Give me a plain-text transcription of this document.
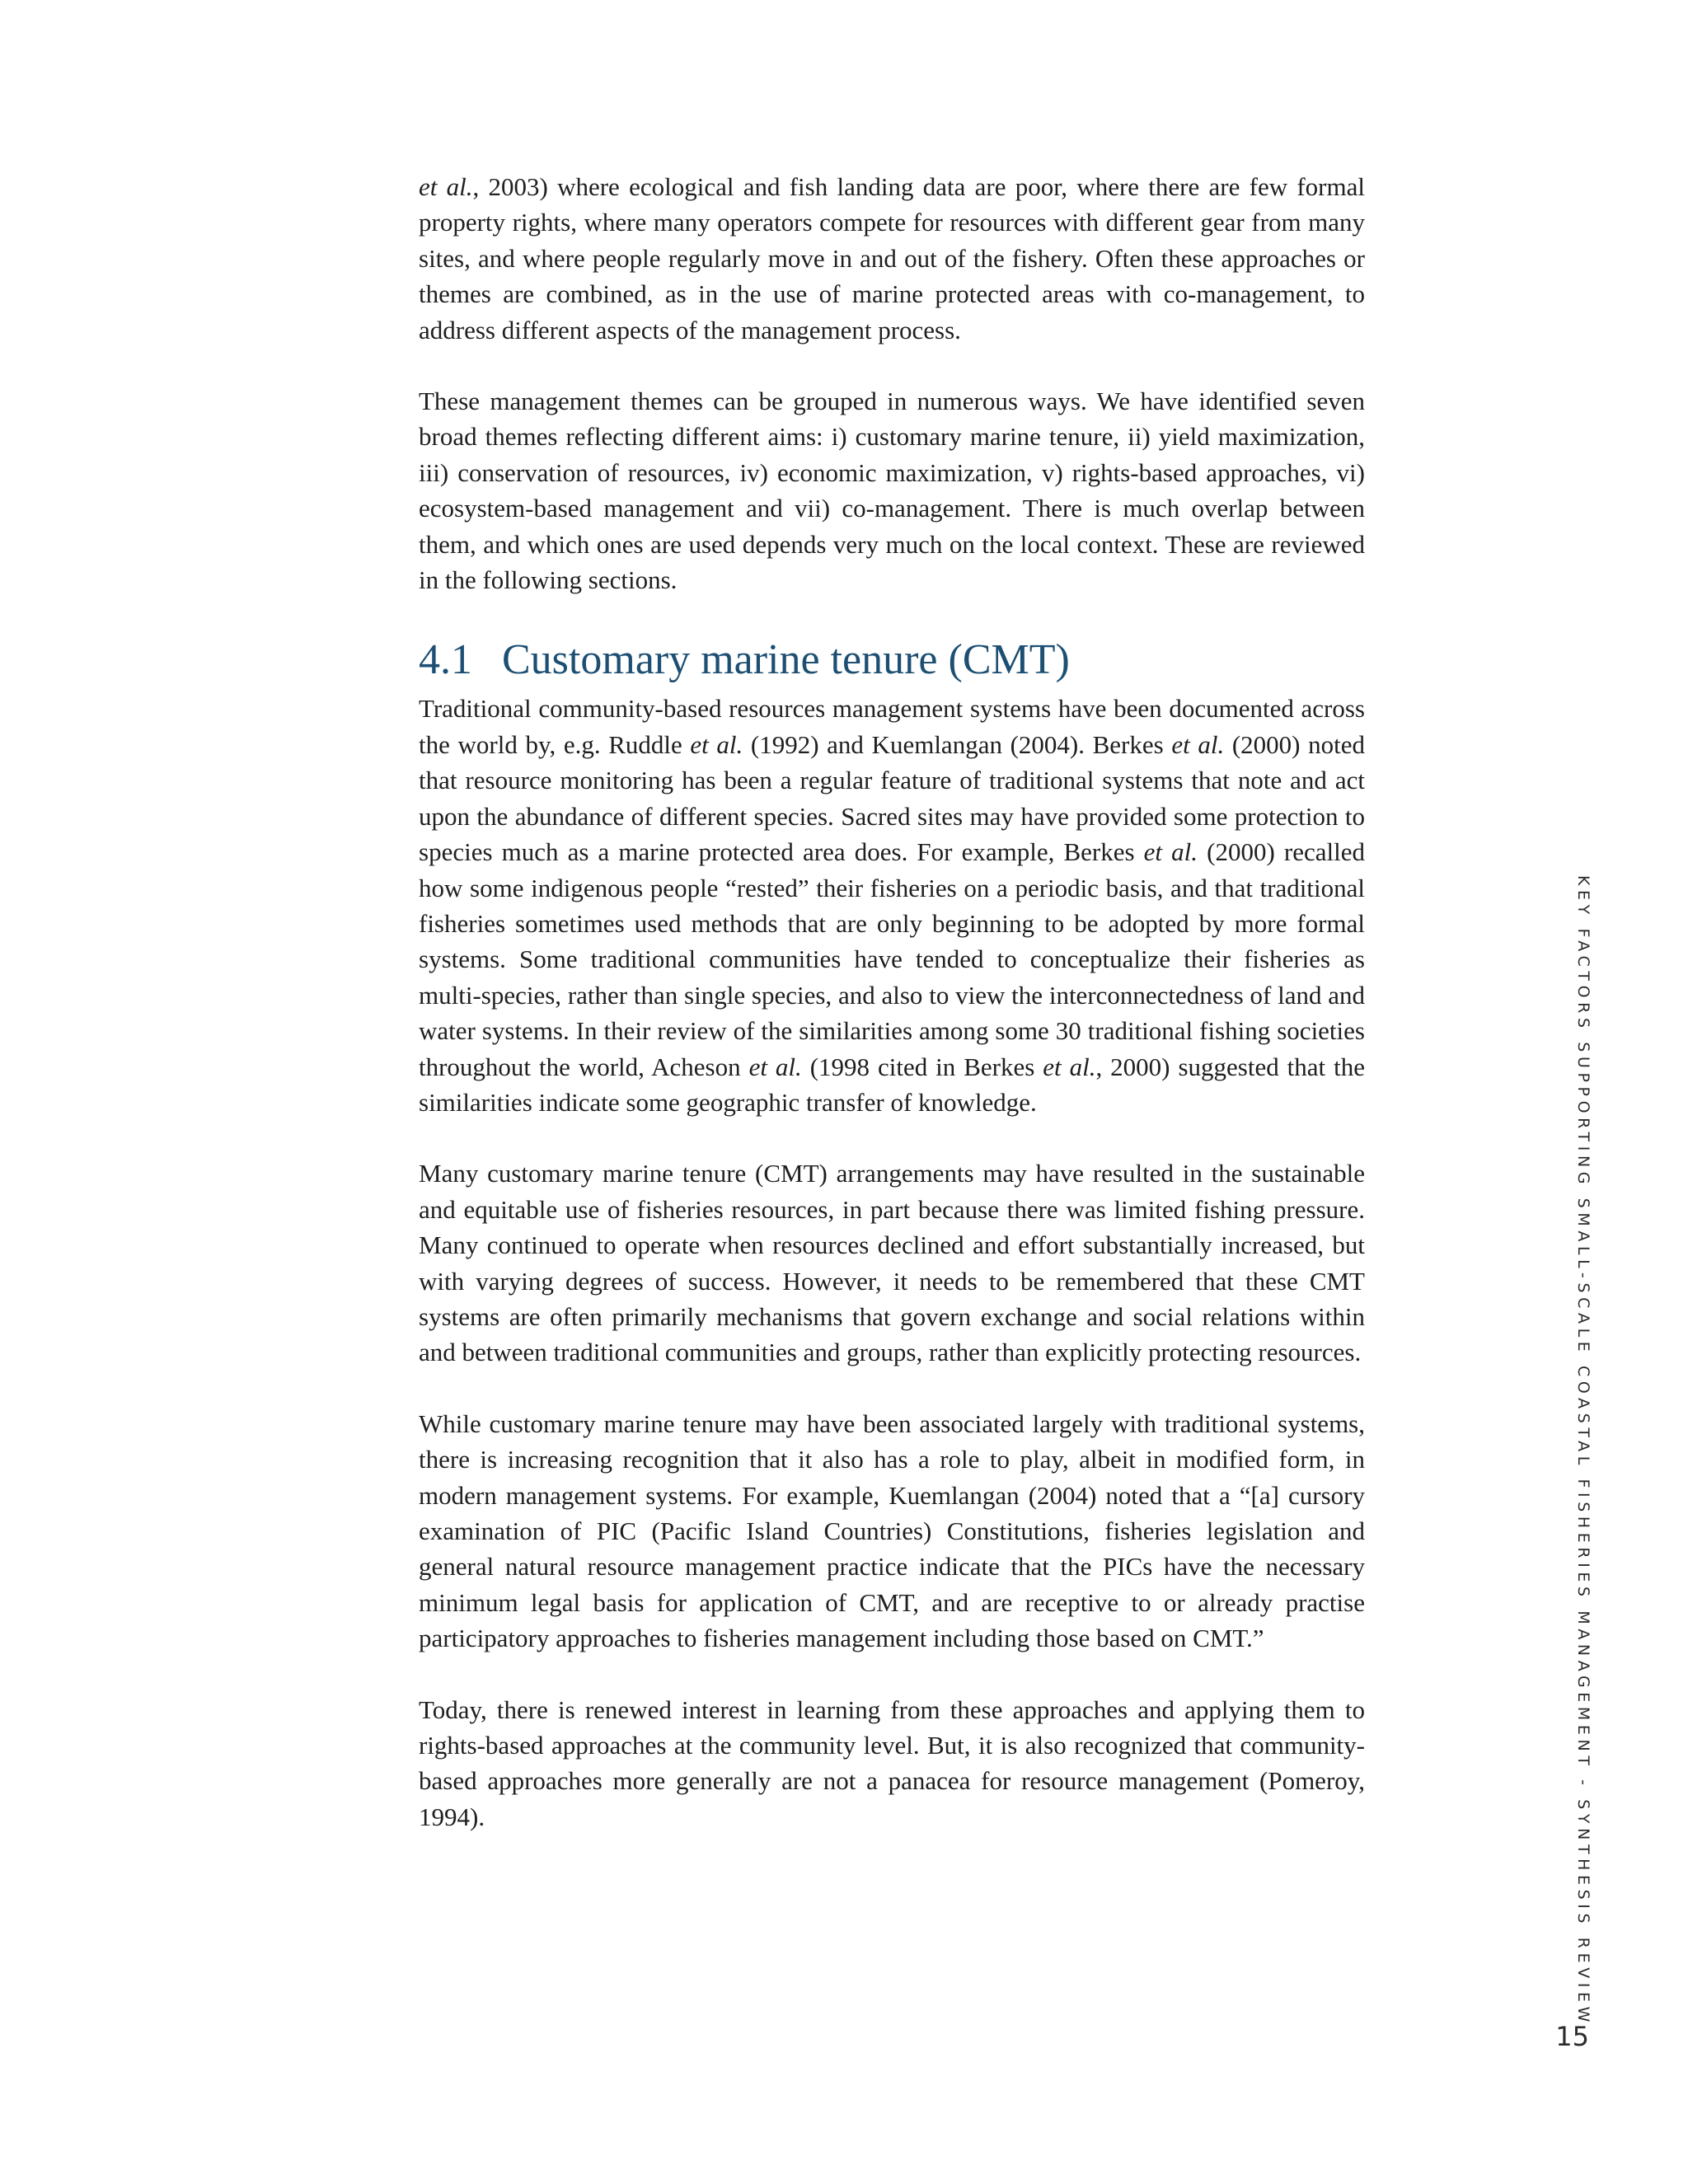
et al., 2003) where ecological and fish landing data are poor, where there are few formal property rights, where many operators compete for resources with different gear from many sites, and where people regularly move in and out of the fishery. Often these approaches or themes are combined, as in the use of marine protected areas with co-management, to address different aspects of the management process.

These management themes can be grouped in numerous ways. We have identified seven broad themes reflecting different aims: i) customary marine tenure, ii) yield maximization, iii) conservation of resources, iv) economic maximization, v) rights-based approaches, vi) ecosystem-based management and vii) co-management. There is much overlap between them, and which ones are used depends very much on the local context. These are reviewed in the following sections.

4.1 Customary marine tenure (CMT)

Traditional community-based resources management systems have been documented across the world by, e.g. Ruddle et al. (1992) and Kuemlangan (2004). Berkes et al. (2000) noted that resource monitoring has been a regular feature of traditional systems that note and act upon the abundance of different species. Sacred sites may have provided some protection to species much as a marine protected area does. For example, Berkes et al. (2000) recalled how some indigenous people “rested” their fisheries on a periodic basis, and that traditional fisheries sometimes used methods that are only beginning to be adopted by more formal systems. Some traditional communities have tended to conceptualize their fisheries as multi-species, rather than single species, and also to view the interconnectedness of land and water systems. In their review of the similarities among some 30 traditional fishing societies throughout the world, Acheson et al. (1998 cited in Berkes et al., 2000) suggested that the similarities indicate some geographic transfer of knowledge.

Many customary marine tenure (CMT) arrangements may have resulted in the sustainable and equitable use of fisheries resources, in part because there was limited fishing pressure. Many continued to operate when resources declined and effort substantially increased, but with varying degrees of success. However, it needs to be remembered that these CMT systems are often primarily mechanisms that govern exchange and social relations within and between traditional communities and groups, rather than explicitly protecting resources.

While customary marine tenure may have been associated largely with traditional systems, there is increasing recognition that it also has a role to play, albeit in modified form, in modern management systems. For example, Kuemlangan (2004) noted that a “[a] cursory examination of PIC (Pacific Island Countries) Constitutions, fisheries legislation and general natural resource management practice indicate that the PICs have the necessary minimum legal basis for application of CMT, and are receptive to or already practise participatory approaches to fisheries management including those based on CMT.”

Today, there is renewed interest in learning from these approaches and applying them to rights-based approaches at the community level. But, it is also recognized that community-based approaches more generally are not a panacea for resource management (Pomeroy, 1994).	KEY FACTORS SUPPORTING SMALL-SCALE COASTAL FISHERIES MANAGEMENT - SYNTHESIS REVIEW
15
